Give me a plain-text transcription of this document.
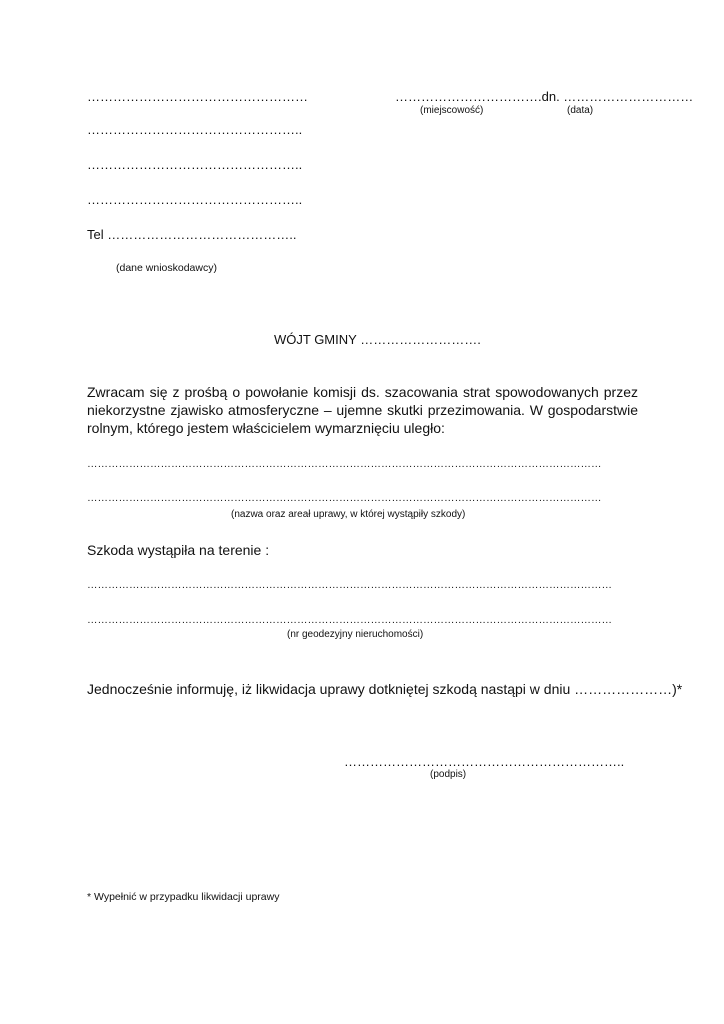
……………………………………………	…………………………….dn. …………………………

(miejscowość)	(data)

…………………………………………..

…………………………………………..

…………………………………………..

Tel ……………………………………..

(dane wnioskodawcy)

WÓJT GMINY ……………………….

Zwracam się z prośbą o powołanie komisji ds. szacowania strat spowodowanych przez niekorzystne zjawisko atmosferyczne – ujemne skutki przezimowania. W gospodarstwie rolnym, którego jestem właścicielem wymarznięciu uległo:

…………………………………………………………………………………………………………………………………

…………………………………………………………………………………………………………………………………

(nazwa oraz areał uprawy, w której wystąpiły szkody)

Szkoda wystąpiła na terenie :

……………………………………………………………………………………………………………………………………

……………………………………………………………………………………………………………………………………

(nr geodezyjny nieruchomości)

Jednocześnie informuję, iż likwidacja uprawy dotkniętej szkodą nastąpi w dniu …………………)*

………………………………………………………..

(podpis)

* Wypełnić w przypadku likwidacji uprawy
